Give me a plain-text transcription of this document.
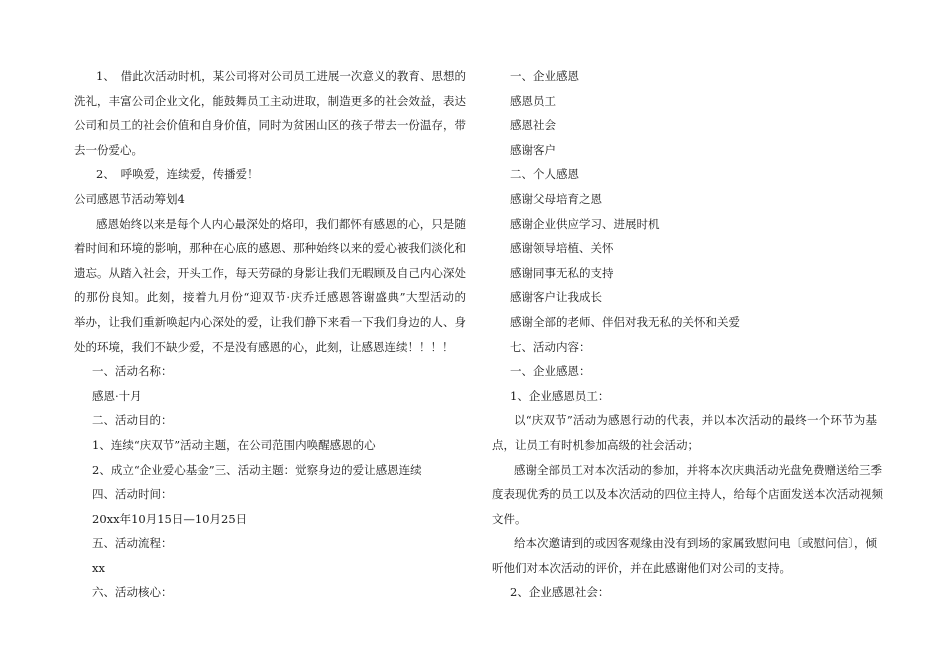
1、　借此次活动时机，某公司将对公司员工进展一次意义的教育、思想的

洗礼，丰富公司企业文化，能鼓舞员工主动进取，制造更多的社会效益，表达

公司和员工的社会价值和自身价值，同时为贫困山区的孩子带去一份温存，带

去一份爱心。

2、　呼唤爱，连续爱，传播爱！

公司感恩节活动筹划4

感恩始终以来是每个人内心最深处的烙印，我们都怀有感恩的心，只是随

着时间和环境的影响，那种在心底的感恩、那种始终以来的爱心被我们淡化和

遗忘。从踏入社会，开头工作，每天劳碌的身影让我们无暇顾及自己内心深处

的那份良知。此刻，接着九月份“迎双节·庆乔迁感恩答谢盛典”大型活动的

举办，让我们重新唤起内心深处的爱，让我们静下来看一下我们身边的人、身

处的环境，我们不缺少爱，不是没有感恩的心，此刻，让感恩连续！！！！

一、活动名称：

感恩·十月

二、活动目的：

1、连续“庆双节”活动主题，在公司范围内唤醒感恩的心

2、成立“企业爱心基金”三、活动主题：觉察身边的爱让感恩连续

四、活动时间：

20xx年10月15日—10月25日

五、活动流程：

xx

六、活动核心：

一、企业感恩

感恩员工

感恩社会

感谢客户

二、个人感恩

感谢父母培育之恩

感谢企业供应学习、进展时机

感谢领导培植、关怀

感谢同事无私的支持

感谢客户让我成长

感谢全部的老师、伴侣对我无私的关怀和关爱

七、活动内容：

一、企业感恩：

1、企业感恩员工：

以“庆双节”活动为感恩行动的代表，并以本次活动的最终一个环节为基

点，让员工有时机参加高级的社会活动；

感谢全部员工对本次活动的参加，并将本次庆典活动光盘免费赠送给三季

度表现优秀的员工以及本次活动的四位主持人，给每个店面发送本次活动视频

文件。

给本次邀请到的或因客观缘由没有到场的家属致慰问电〔或慰问信〕，倾

听他们对本次活动的评价，并在此感谢他们对公司的支持。

2、企业感恩社会：
